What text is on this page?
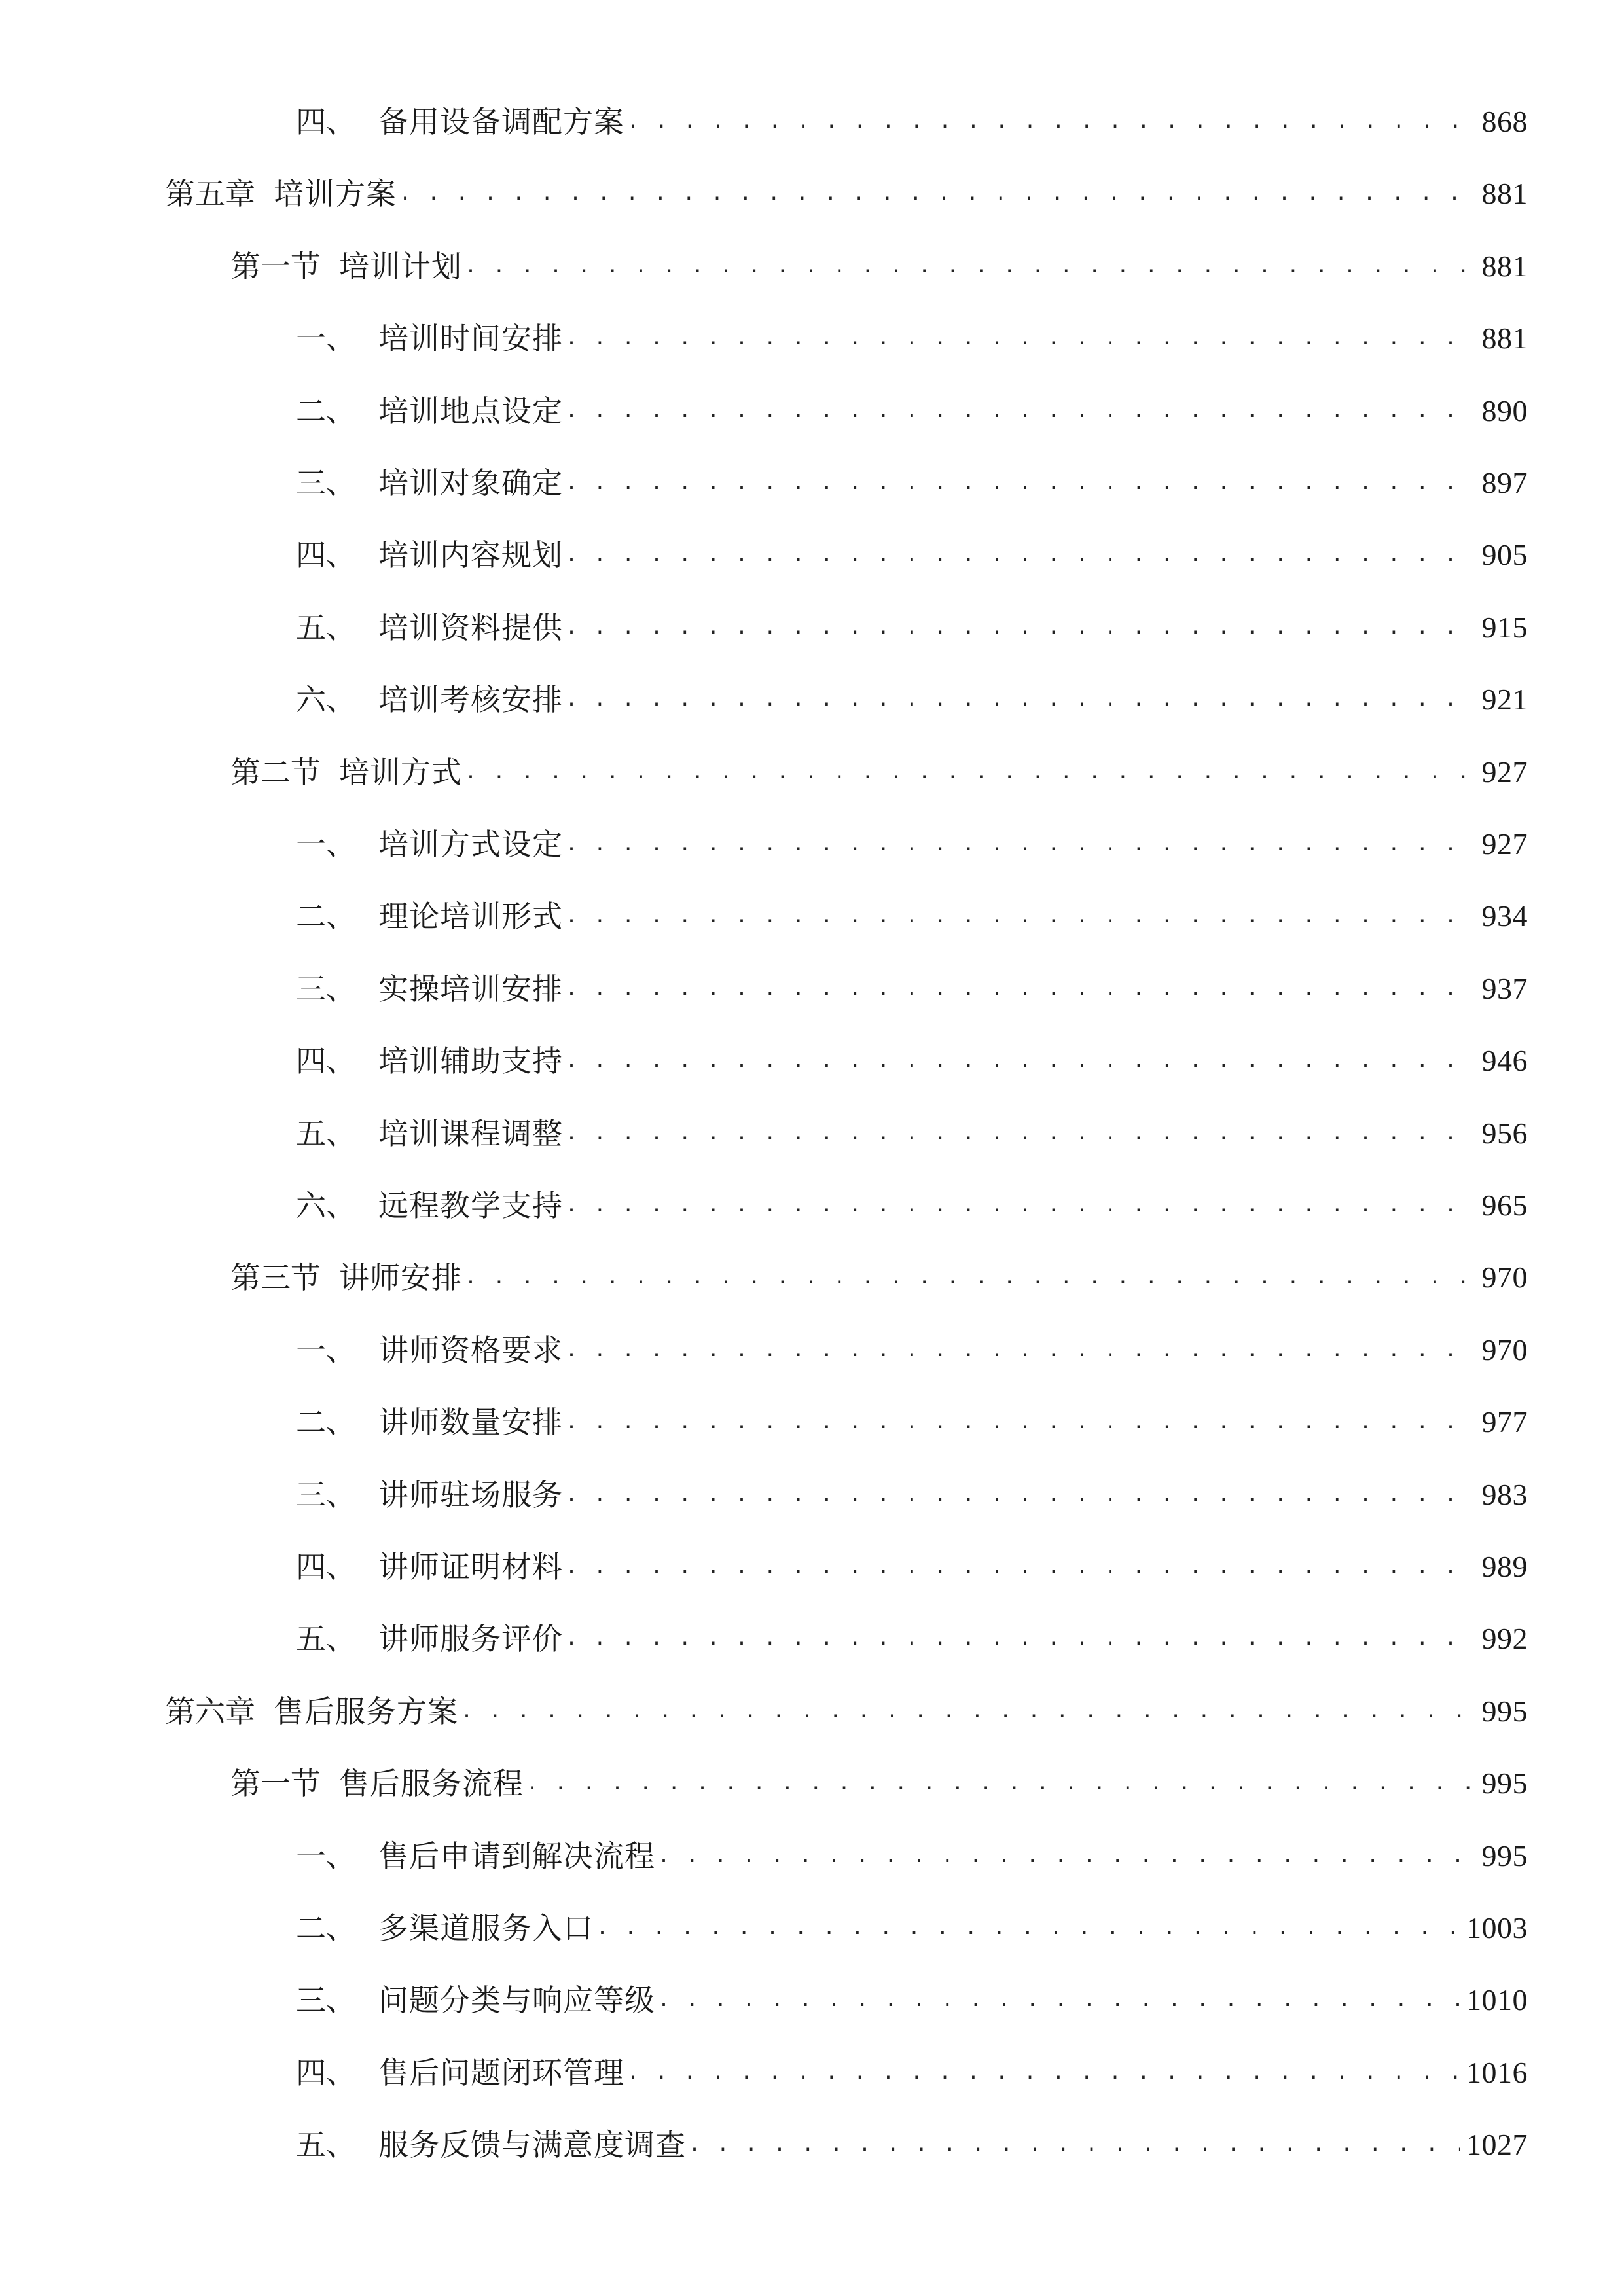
四、 备用设备调配方案 . . .	868
第五章 培训方案 . . .	881
第一节 培训计划 . . .	881
一、 培训时间安排 . . .	881
二、 培训地点设定 . . .	890
三、 培训对象确定 . . .	897
四、 培训内容规划 . . .	905
五、 培训资料提供 . . .	915
六、 培训考核安排 . . .	921
第二节 培训方式 . . .	927
一、 培训方式设定 . . .	927
二、 理论培训形式 . . .	934
三、 实操培训安排 . . .	937
四、 培训辅助支持 . . .	946
五、 培训课程调整 . . .	956
六、 远程教学支持 . . .	965
第三节 讲师安排 . . .	970
一、 讲师资格要求 . . .	970
二、 讲师数量安排 . . .	977
三、 讲师驻场服务 . . .	983
四、 讲师证明材料 . . .	989
五、 讲师服务评价 . . .	992
第六章 售后服务方案 . . .	995
第一节 售后服务流程 . . .	995
一、 售后申请到解决流程 . . .	995
二、 多渠道服务入口 . . .	1003
三、 问题分类与响应等级 . . .	1010
四、 售后问题闭环管理 . . .	1016
五、 服务反馈与满意度调查 . . .	1027
